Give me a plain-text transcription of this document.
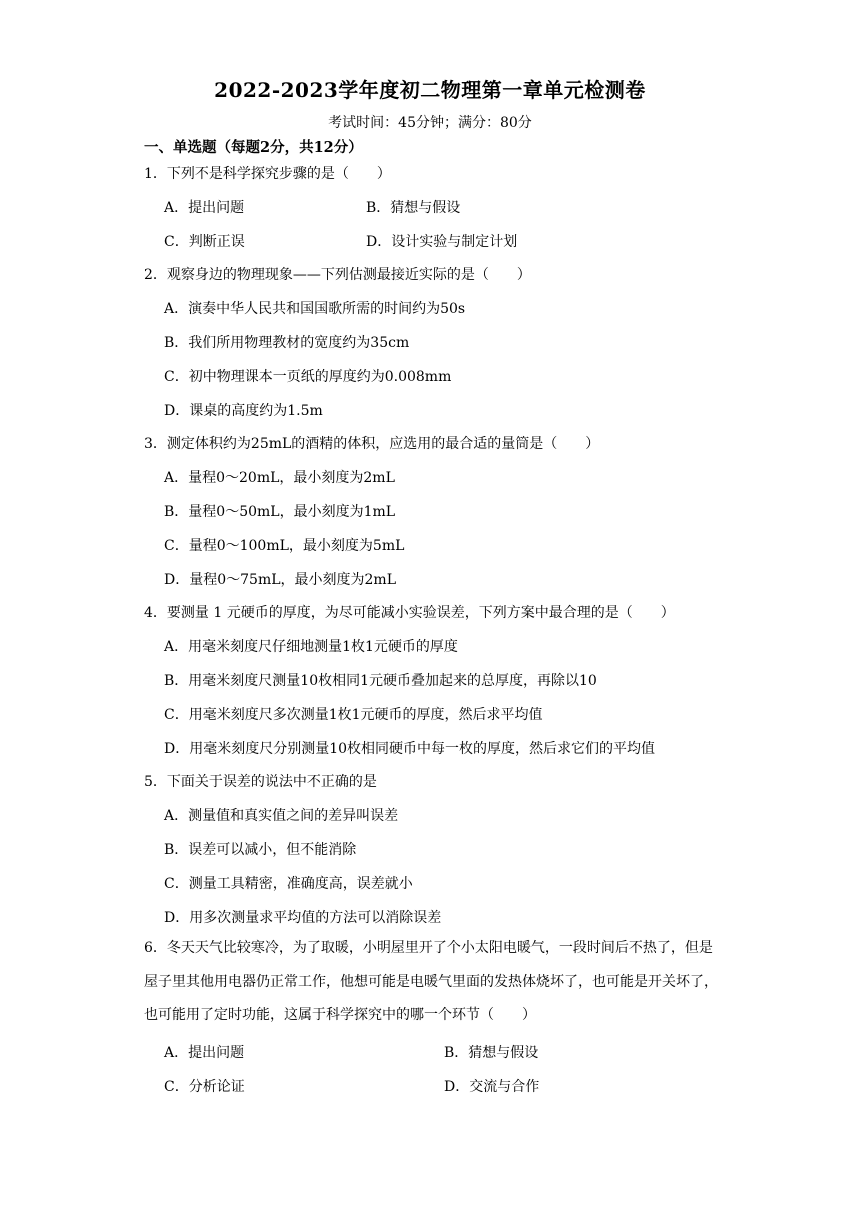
2022-2023学年度初二物理第一章单元检测卷
考试时间：45分钟；满分：80分
一、单选题（每题2分，共12分）
1．下列不是科学探究步骤的是（　　）
A．提出问题	B．猜想与假设
C．判断正误	D．设计实验与制定计划
2．观察身边的物理现象——下列估测最接近实际的是（　　）
A．演奏中华人民共和国国歌所需的时间约为50s
B．我们所用物理教材的宽度约为35cm
C．初中物理课本一页纸的厚度约为0.008mm
D．课桌的高度约为1.5m
3．测定体积约为25mL的酒精的体积，应选用的最合适的量筒是（　　）
A．量程0～20mL，最小刻度为2mL
B．量程0～50mL，最小刻度为1mL
C．量程0～100mL，最小刻度为5mL
D．量程0～75mL，最小刻度为2mL
4．要测量 1 元硬币的厚度，为尽可能减小实验误差，下列方案中最合理的是（　　）
A．用毫米刻度尺仔细地测量1枚1元硬币的厚度
B．用毫米刻度尺测量10枚相同1元硬币叠加起来的总厚度，再除以10
C．用毫米刻度尺多次测量1枚1元硬币的厚度，然后求平均值
D．用毫米刻度尺分别测量10枚相同硬币中每一枚的厚度，然后求它们的平均值
5．下面关于误差的说法中不正确的是
A．测量值和真实值之间的差异叫误差
B．误差可以减小，但不能消除
C．测量工具精密，准确度高，误差就小
D．用多次测量求平均值的方法可以消除误差
6．冬天天气比较寒冷，为了取暖，小明屋里开了个小太阳电暖气，一段时间后不热了，但是屋子里其他用电器仍正常工作，他想可能是电暖气里面的发热体烧坏了，也可能是开关坏了，也可能用了定时功能，这属于科学探究中的哪一个环节（　　）
A．提出问题	B．猜想与假设
C．分析论证	D．交流与合作
